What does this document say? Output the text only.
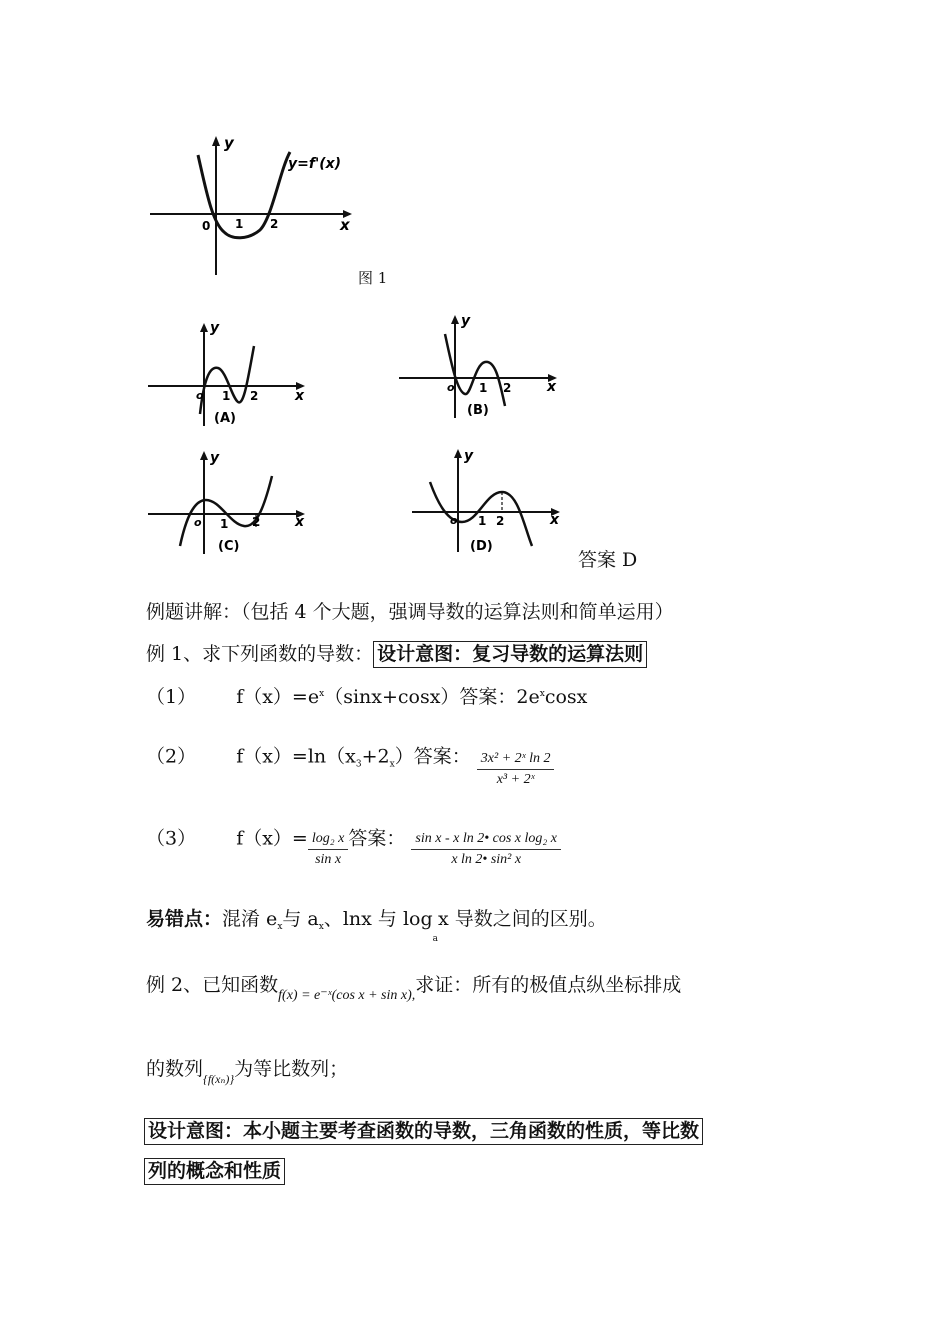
y
x
y=f'(x)
0 1 2
图 1
y
x
o 1 2
(A)
y
x
o 1 2
(B)
y
x
o 1 2
(C)
y
x
o 1 2
(D)
答案 D
例题讲解：（包括 4 个大题，强调导数的运算法则和简单运用）
例 1、求下列函数的导数： 设计意图：复习导数的运算法则
（1） $f(x)=e^x(\sin x+\cos x)$答案：$2e^x\cos x$
（2） $f(x)=\ln(x_3+2_x)$答案： $\frac{\text{3x² + 2ˣ ln 2}}{\text{x³ + 2ˣ}}$
（3） $f(x)= \frac{\text{log₂ x}}{\text{sin x}}$ 答案： $\frac{\text{sin x - x ln 2• cos x log₂ x}}{\text{x ln 2• sin² x}}$
易错点：混淆 $e_x$与 $a_x$、lnx 与 $\log_ax$ 导数之间的区别。
例 2、已知函数$_{f(x) = e^-ˣ(cos x + sin x),}$求证：所有的极值点纵坐标排成
的数列$_{\{f(x_n)\}}$为等比数列；
设计意图：本小题主要考查函数的导数，三角函数的性质，等比数
列的概念和性质
